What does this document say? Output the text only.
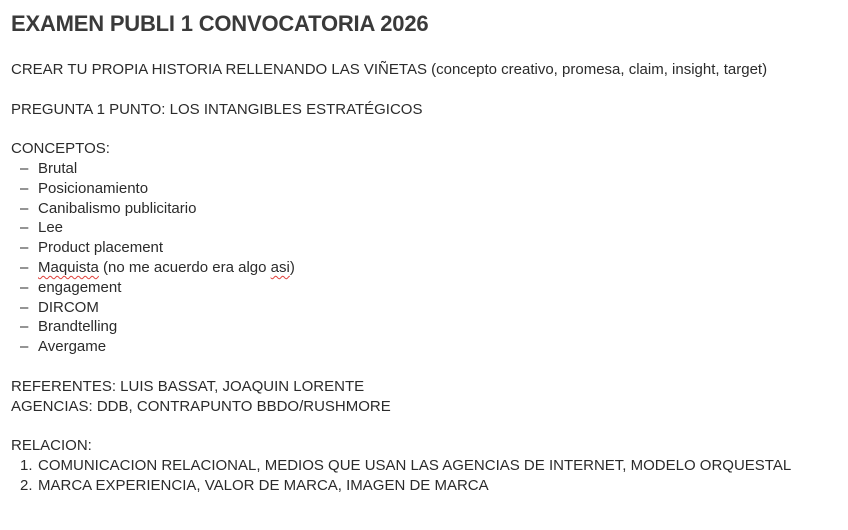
EXAMEN PUBLI 1 CONVOCATORIA 2026
CREAR TU PROPIA HISTORIA RELLENANDO LAS VIÑETAS (concepto creativo, promesa, claim, insight, target)
PREGUNTA 1 PUNTO: LOS INTANGIBLES ESTRATÉGICOS
CONCEPTOS:
– Brutal
– Posicionamiento
– Canibalismo publicitario
– Lee
– Product placement
– Maquista (no me acuerdo era algo asi)
– engagement
– DIRCOM
– Brandtelling
– Avergame
REFERENTES: LUIS BASSAT, JOAQUIN LORENTE
AGENCIAS: DDB, CONTRAPUNTO BBDO/RUSHMORE
RELACION:
1. COMUNICACION RELACIONAL, MEDIOS QUE USAN LAS AGENCIAS DE INTERNET, MODELO ORQUESTAL
2. MARCA EXPERIENCIA, VALOR DE MARCA, IMAGEN DE MARCA
